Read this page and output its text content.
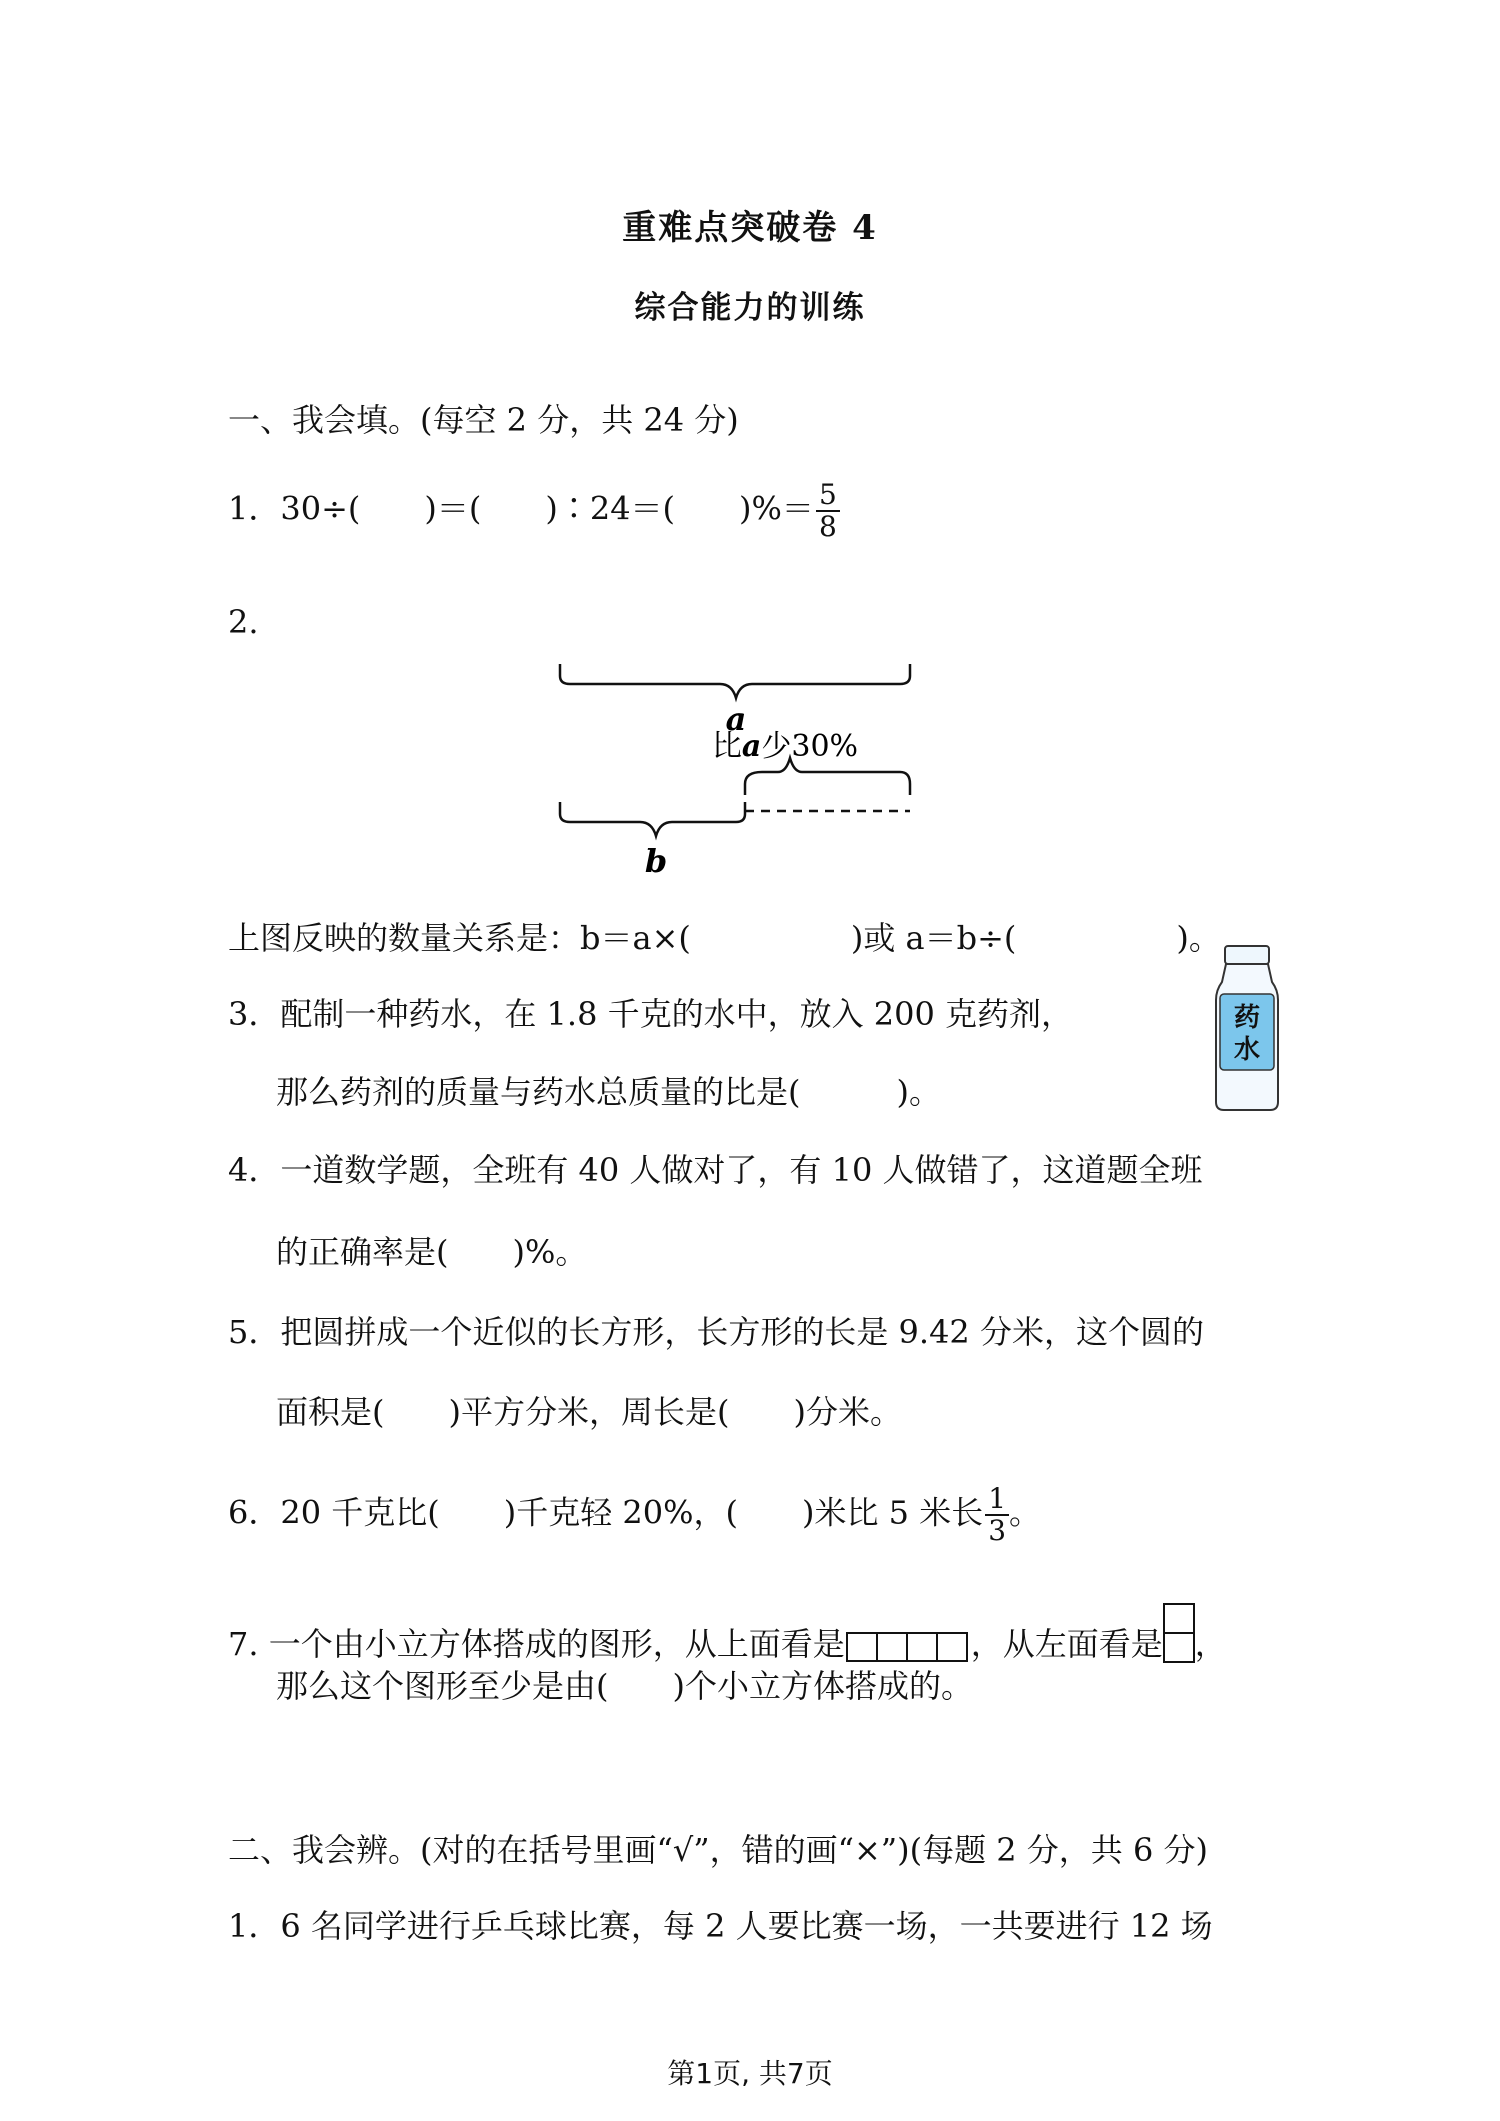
重难点突破卷 4
综合能力的训练
一、我会填。(每空 2 分，共 24 分)
1．30÷(　　)＝(　　)∶24＝(　　)%＝ $\frac{5}{8}$
2.
a
比a少30%
b
上图反映的数量关系是：b＝a×(　　　　　)或 a＝b÷(　　　　　)。
3．配制一种药水，在 1.8 千克的水中，放入 200 克药剂，
那么药剂的质量与药水总质量的比是(　　　)。
药
水
4．一道数学题，全班有 40 人做对了，有 10 人做错了，这道题全班
的正确率是(　　)%。
5．把圆拼成一个近似的长方形，长方形的长是 9.42 分米，这个圆的
面积是(　　)平方分米，周长是(　　)分米。
6．20 千克比(　　)千克轻 20%，(　　)米比 5 米长 $\frac{1}{3}$ 。
7. 一个由小立方体搭成的图形，从上面看是	，从左面看是 ，
那么这个图形至少是由(　　)个小立方体搭成的。
二、我会辨。(对的在括号里画“√”，错的画“×”)(每题 2 分，共 6 分)
1．6 名同学进行乒乓球比赛，每 2 人要比赛一场，一共要进行 12 场
第1页, 共7页
